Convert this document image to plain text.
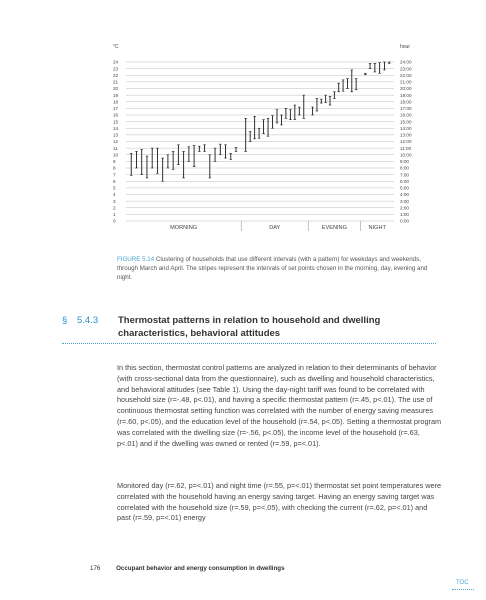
°C	hour
24
23
22
21
20
19
18
17
16
15
14
13
12
11
10
9
8
7
6
5
4
3
2
1
0
24:00
23:00
22:00
21:00
20:00
19:00
18:00
17:00
16:00
15:00
14:00
13:00
12:00
11:00
10:00
9:00
8:00
7:00
6:00
5:00
4:00
3:00
2:00
1:00
0:00
MORNING	DAY	EVENING	NIGHT

FIGURE 5.14 Clustering of households that use different intervals (with a pattern) for weekdays and weekends, through March and April. The stripes represent the intervals of set points chosen in the morning, day, evening and night.

§ 5.4.3 Thermostat patterns in relation to household and dwelling characteristics, behavioral attitudes

In this section, thermostat control patterns are analyzed in relation to their determinants of behavior (with cross-sectional data from the questionnaire), such as dwelling and household characteristics, and behavioral attitudes (see Table 1). Using the day-night tariff was found to be correlated with household size (r=-.48, p<.01), and having a specific thermostat pattern (r=.45, p<.01). The use of continuous thermostat setting function was correlated with the number of energy saving measures (r=.60, p<.05), and the education level of the household (r=.54, p<.05). Setting a thermostat program was correlated with the dwelling size (r=-.56, p<.05), the income level of the household (r=.63, p<.01) and if the dwelling was owned or rented (r=.59, p=<.01).

Monitored day (r=.62, p=<.01) and night time (r=.55, p=<.01) thermostat set point temperatures were correlated with the household having an energy saving target. Having an energy saving target was correlated with the household size (r=.59, p=<.05), with checking the current (r=.62, p=<.01) and past (r=.59, p=<.01) energy

176	Occupant behavior and energy consumption in dwellings
TOC
